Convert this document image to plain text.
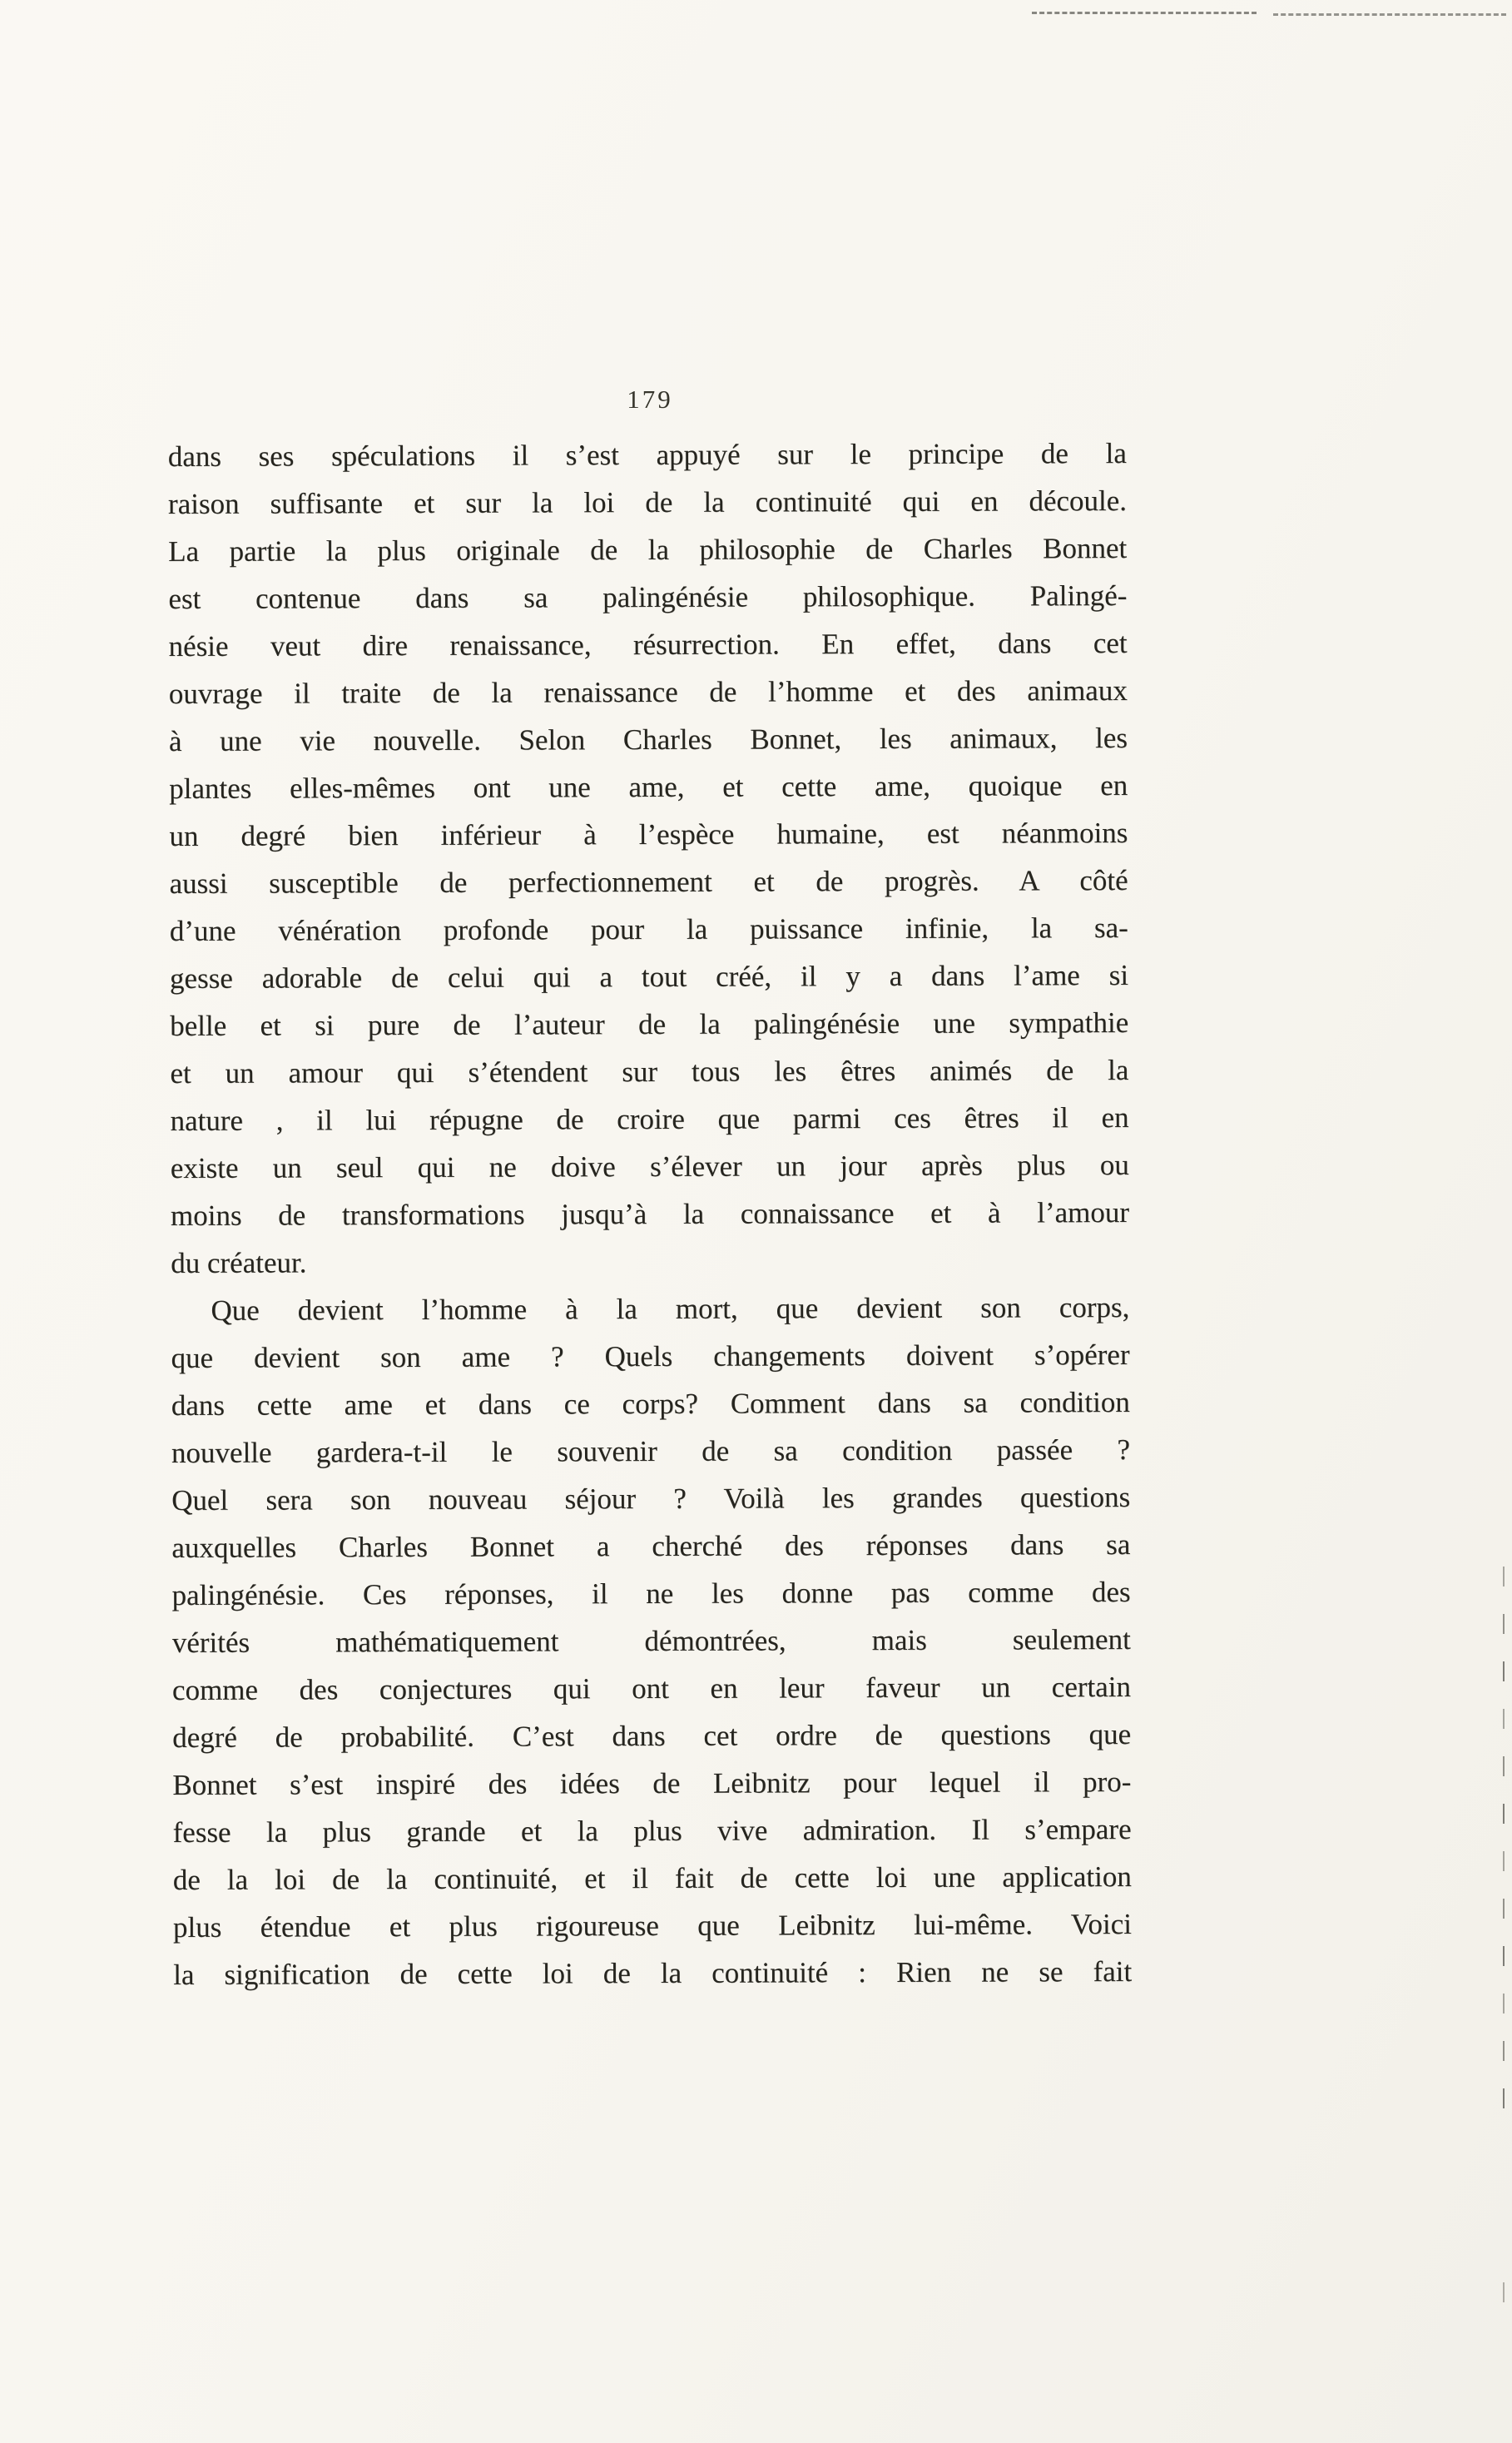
179
dans ses spéculations il s’est appuyé sur le principe de la
raison suffisante et sur la loi de la continuité qui en découle.
La partie la plus originale de la philosophie de Charles Bonnet
est contenue dans sa palingénésie philosophique. Palingé-
nésie veut dire renaissance, résurrection. En effet, dans cet
ouvrage il traite de la renaissance de l’homme et des animaux
à une vie nouvelle. Selon Charles Bonnet, les animaux, les
plantes elles-mêmes ont une ame, et cette ame, quoique en
un degré bien inférieur à l’espèce humaine, est néanmoins
aussi susceptible de perfectionnement et de progrès. A côté
d’une vénération profonde pour la puissance infinie, la sa-
gesse adorable de celui qui a tout créé, il y a dans l’ame si
belle et si pure de l’auteur de la palingénésie une sympathie
et un amour qui s’étendent sur tous les êtres animés de la
nature , il lui répugne de croire que parmi ces êtres il en
existe un seul qui ne doive s’élever un jour après plus ou
moins de transformations jusqu’à la connaissance et à l’amour
du créateur.
Que devient l’homme à la mort, que devient son corps,
que devient son ame ? Quels changements doivent s’opérer
dans cette ame et dans ce corps? Comment dans sa condition
nouvelle gardera-t-il le souvenir de sa condition passée ?
Quel sera son nouveau séjour ? Voilà les grandes questions
auxquelles Charles Bonnet a cherché des réponses dans sa
palingénésie. Ces réponses, il ne les donne pas comme des
vérités mathématiquement démontrées, mais seulement
comme des conjectures qui ont en leur faveur un certain
degré de probabilité. C’est dans cet ordre de questions que
Bonnet s’est inspiré des idées de Leibnitz pour lequel il pro-
fesse la plus grande et la plus vive admiration. Il s’empare
de la loi de la continuité, et il fait de cette loi une application
plus étendue et plus rigoureuse que Leibnitz lui-même. Voici
la signification de cette loi de la continuité : Rien ne se fait
